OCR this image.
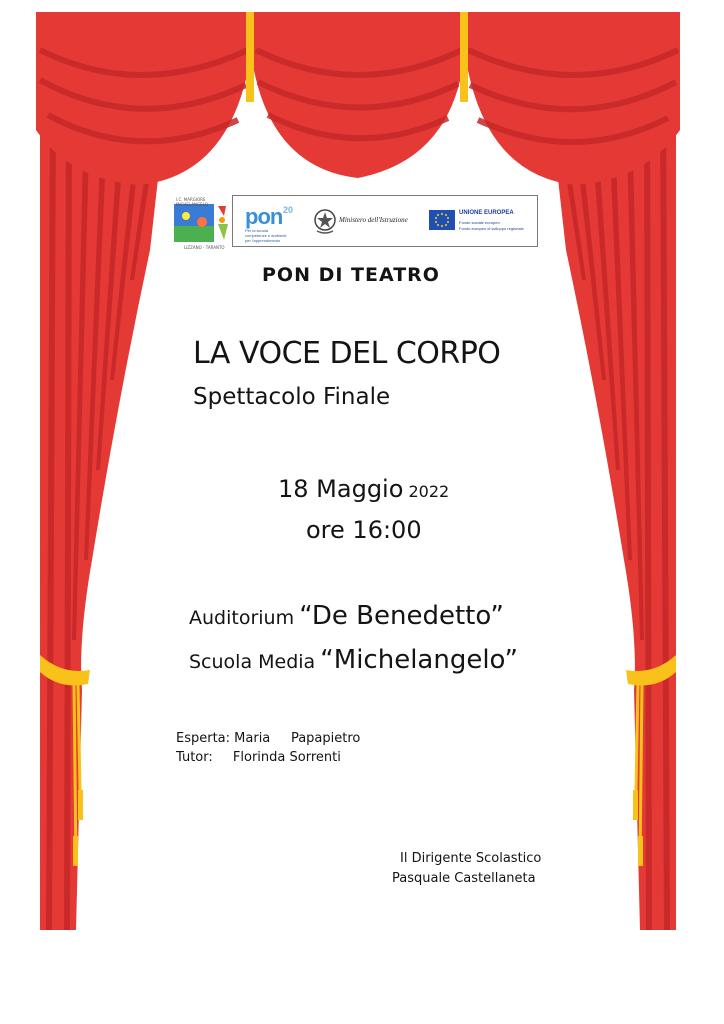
I.C. MARGIORE MICHELANGELO
LIZZANO - TARANTO
pon 20
Per la scuola
competenze e ambienti
per l'apprendimento
Ministero dell'Istruzione
UNIONE EUROPEA
Fondo sociale europeo
Fondo europeo di sviluppo regionale
PON DI TEATRO
LA VOCE DEL CORPO
Spettacolo Finale
18 Maggio 2022
ore 16:00
Auditorium “De Benedetto”
Scuola Media “Michelangelo”
Esperta: Maria     Papapietro
Tutor: Florinda Sorrenti
Il Dirigente Scolastico
Pasquale Castellaneta
